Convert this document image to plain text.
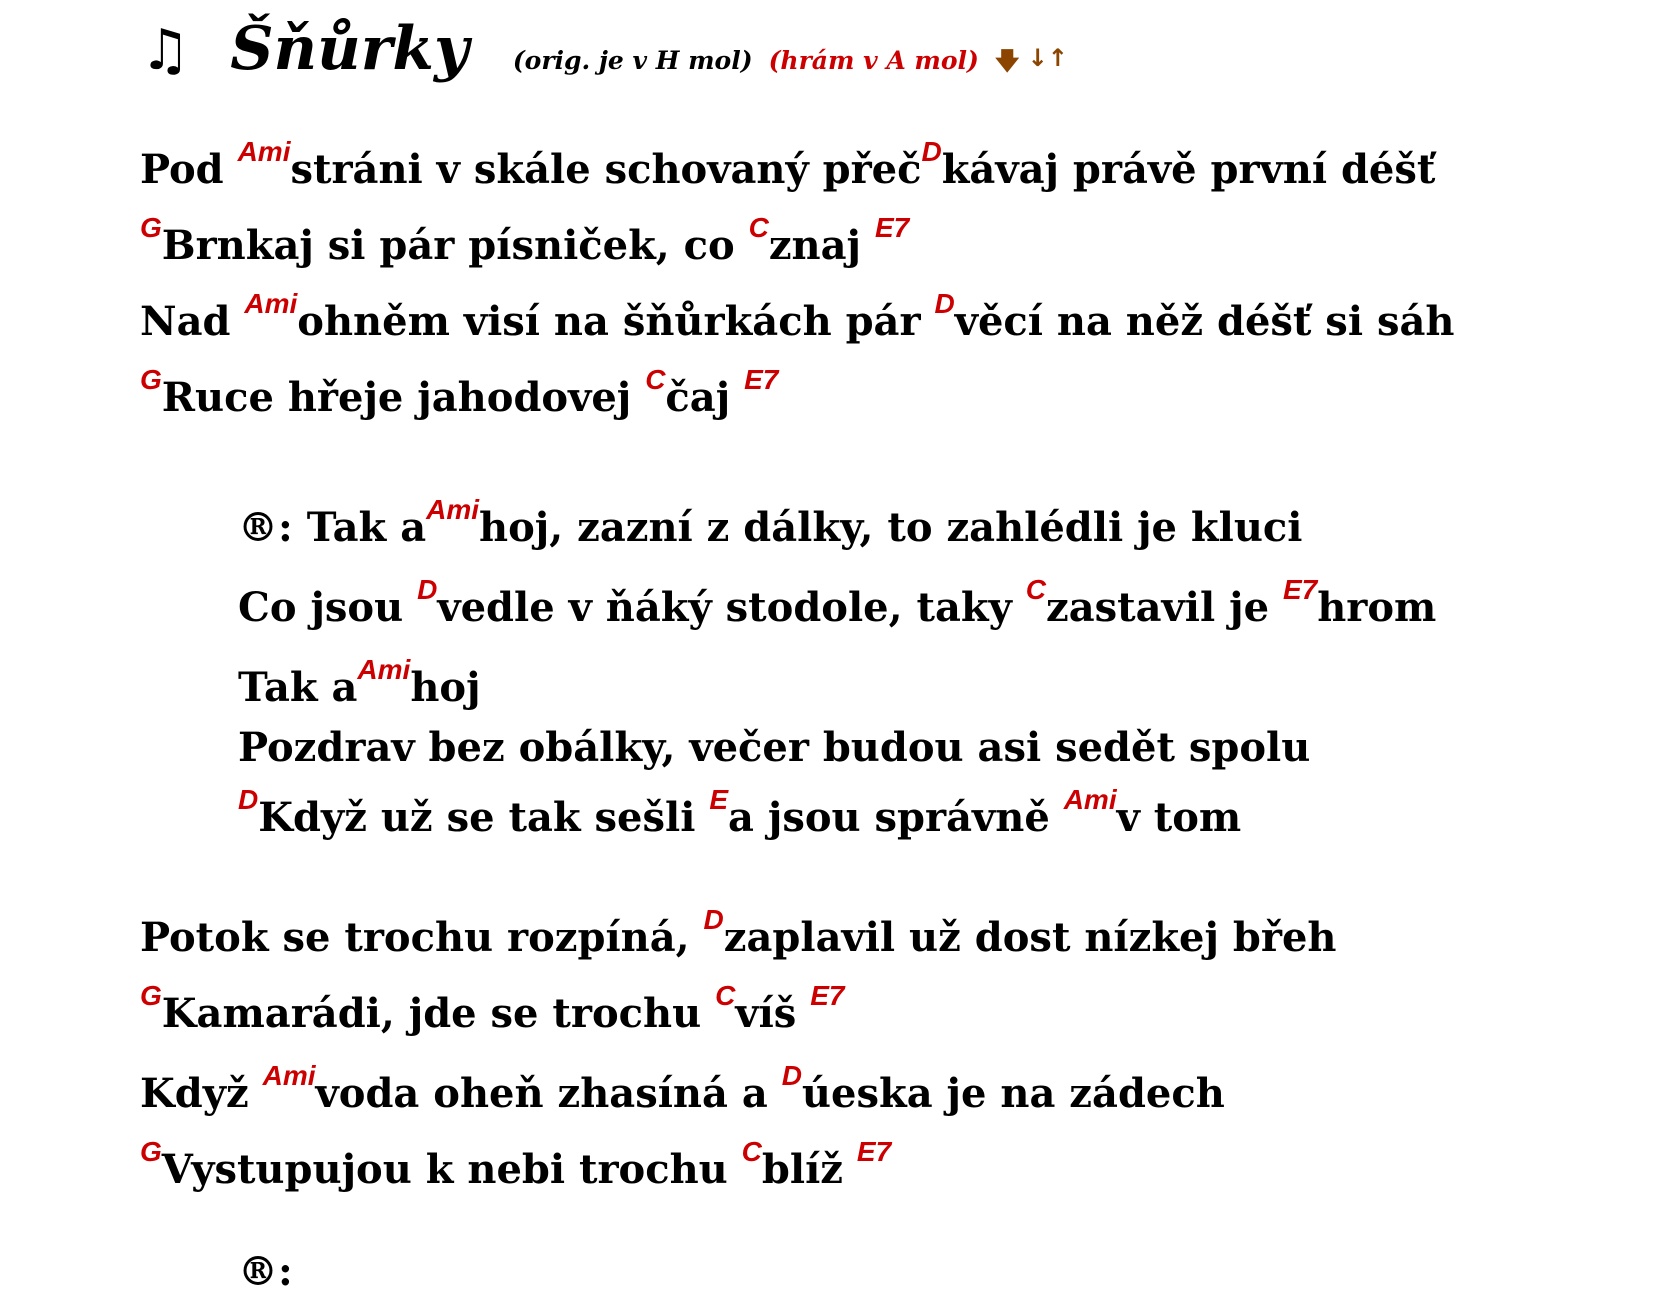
♫ Šňůrky (orig. je v H mol) (hrám v A mol) 🡇 ↓↑
Pod $^{Ami}$stráni v skále schovaný přeč$^D$kávaj právě první déšť
$^G$Brnkaj si pár písniček, co $^C$znaj $^{E7}$
Nad $^{Ami}$ohněm visí na šňůrkách pár $^D$věcí na něž déšť si sáh
$^G$Ruce hřeje jahodovej $^C$čaj $^{E7}$
®: Tak $a^{Ami}hoj$, zazní z dálky, to zahlédli je kluci
Co jsou $^D$vedle v ňáký stodole, taky $^C$zastavil je $^{E7}$hrom
Tak $a^{Ami}hoj$
Pozdrav bez obálky, večer budou asi sedět spolu
$^D$Když už se tak sešli $^E$a jsou správně $^{Ami}$v tom
Potok se trochu rozpíná, $^D$zaplavil už dost nízkej břeh
$^G$Kamarádi, jde se trochu $^C$víš $^{E7}$
Když $^{Ami}$voda oheň zhasíná a $^D$úeska je na zádech
$^G$Vystupujou k nebi trochu $^C$blíž $^{E7}$
®:
